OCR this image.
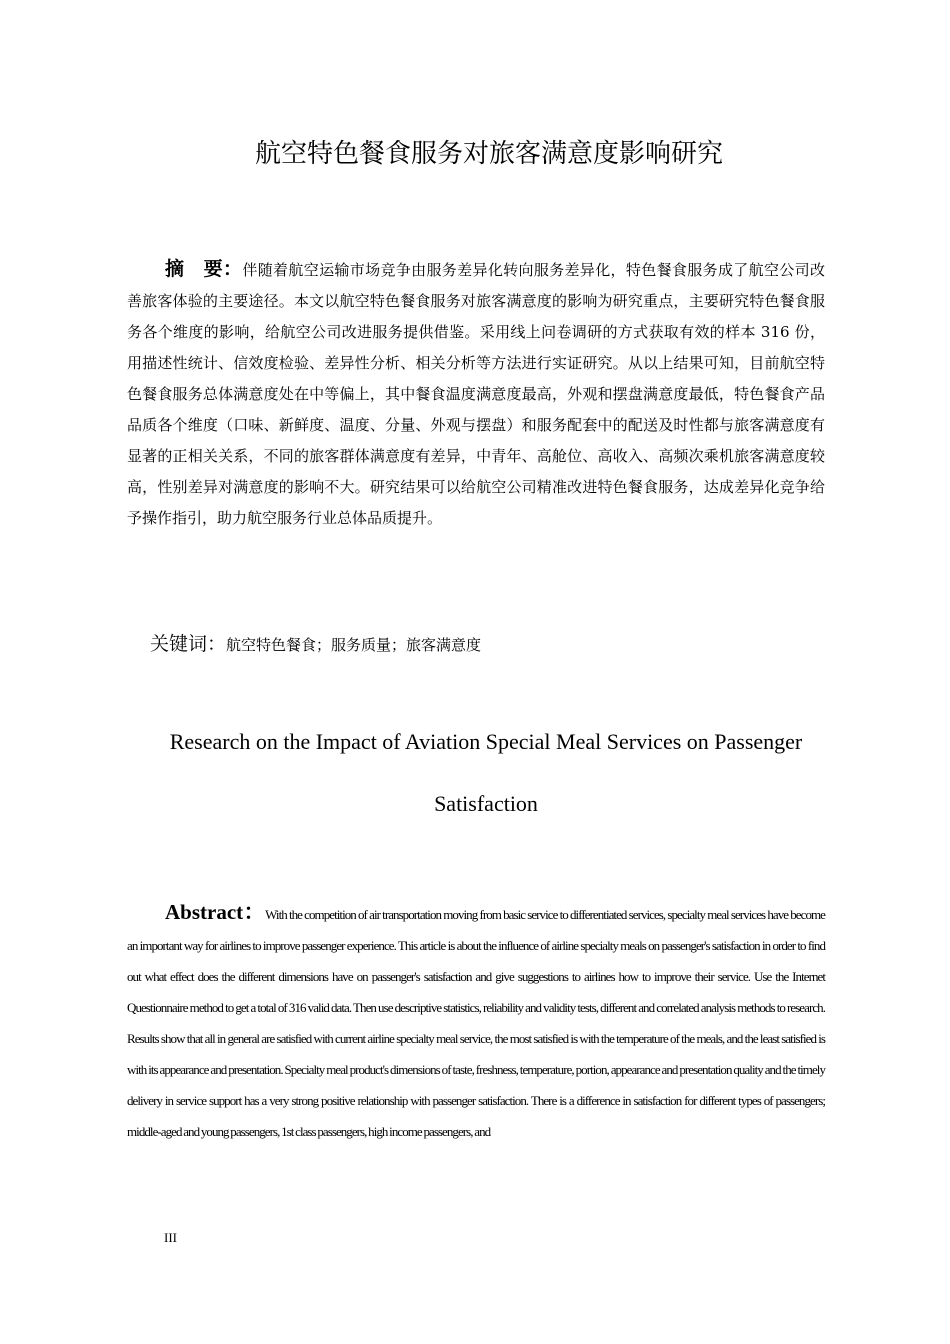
航空特色餐食服务对旅客满意度影响研究
摘　要：伴随着航空运输市场竞争由服务差异化转向服务差异化，特色餐食服务成了航空公司改善旅客体验的主要途径。本文以航空特色餐食服务对旅客满意度的影响为研究重点，主要研究特色餐食服务各个维度的影响，给航空公司改进服务提供借鉴。采用线上问卷调研的方式获取有效的样本 316 份，用描述性统计、信效度检验、差异性分析、相关分析等方法进行实证研究。从以上结果可知，目前航空特色餐食服务总体满意度处在中等偏上，其中餐食温度满意度最高，外观和摆盘满意度最低，特色餐食产品品质各个维度（口味、新鲜度、温度、分量、外观与摆盘）和服务配套中的配送及时性都与旅客满意度有显著的正相关关系，不同的旅客群体满意度有差异，中青年、高舱位、高收入、高频次乘机旅客满意度较高，性别差异对满意度的影响不大。研究结果可以给航空公司精准改进特色餐食服务，达成差异化竞争给予操作指引，助力航空服务行业总体品质提升。
关键词：航空特色餐食；服务质量；旅客满意度
Research on the Impact of Aviation Special Meal Services on Passenger
Satisfaction
Abstract：With the competition of air transportation moving from basic service to differentiated services, specialty meal services have become an important way for airlines to improve passenger experience. This article is about the influence of airline specialty meals on passenger's satisfaction in order to find out what effect does the different dimensions have on passenger's satisfaction and give suggestions to airlines how to improve their service. Use the Internet Questionnaire method to get a total of 316 valid data. Then use descriptive statistics, reliability and validity tests, different and correlated analysis methods to research. Results show that all in general are satisfied with current airline specialty meal service, the most satisfied is with the temperature of the meals, and the least satisfied is with its appearance and presentation. Specialty meal product's dimensions of taste, freshness, temperature, portion, appearance and presentation quality and the timely delivery in service support has a very strong positive relationship with passenger satisfaction. There is a difference in satisfaction for different types of passengers; middle-aged and young passengers, 1st class passengers, high income passengers, and
III
